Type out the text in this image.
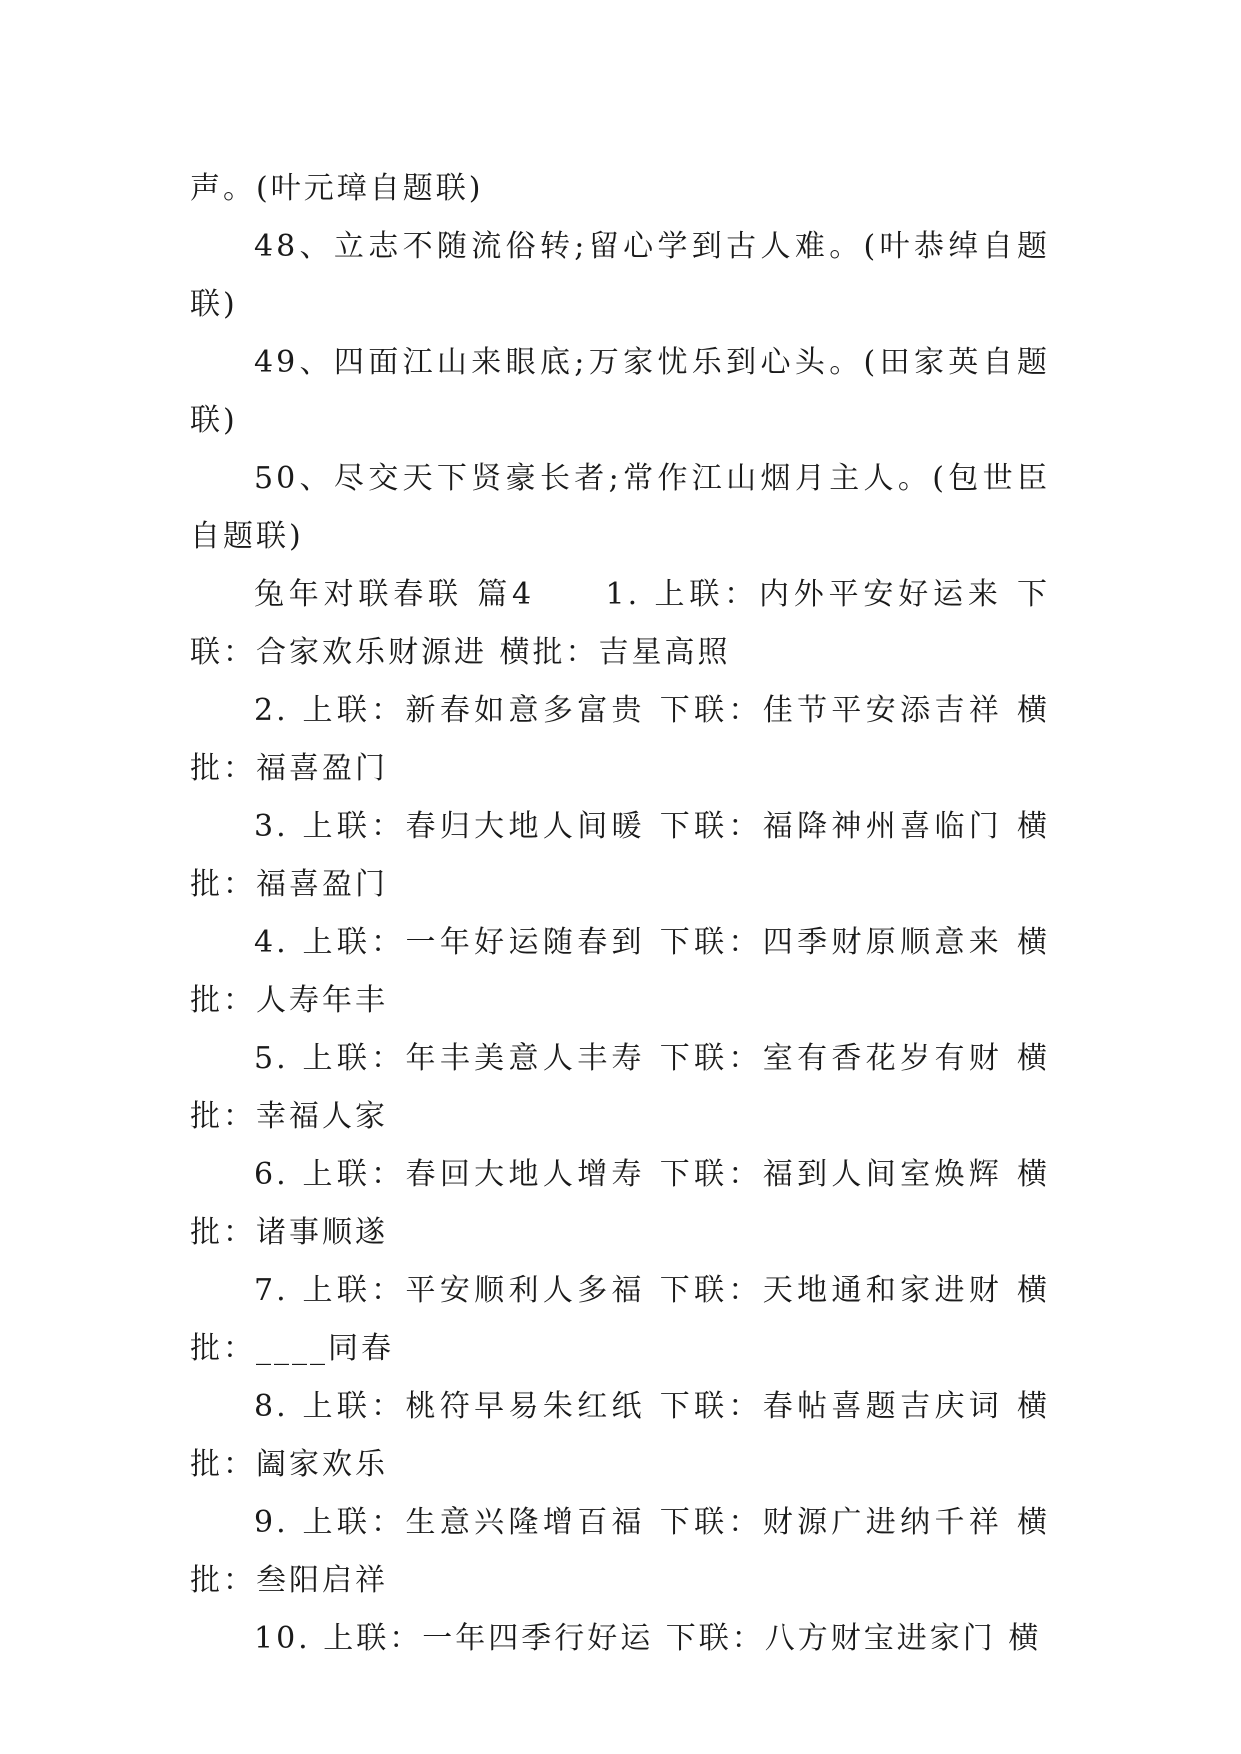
声。(叶元璋自题联)

48、立志不随流俗转;留心学到古人难。(叶恭绰自题联)

49、四面江山来眼底;万家忧乐到心头。(田家英自题联)

50、尽交天下贤豪长者;常作江山烟月主人。(包世臣自题联)

兔年对联春联 篇4　　1. 上联：内外平安好运来 下联：合家欢乐财源进 横批：吉星高照

2. 上联：新春如意多富贵 下联：佳节平安添吉祥 横批：福喜盈门

3. 上联：春归大地人间暖 下联：福降神州喜临门 横批：福喜盈门

4. 上联：一年好运随春到 下联：四季财原顺意来 横批：人寿年丰

5. 上联：年丰美意人丰寿 下联：室有香花岁有财 横批：幸福人家

6. 上联：春回大地人增寿 下联：福到人间室焕辉 横批：诸事顺遂

7. 上联：平安顺利人多福 下联：天地通和家进财 横批：____同春

8. 上联：桃符早易朱红纸 下联：春帖喜题吉庆词 横批：阖家欢乐

9. 上联：生意兴隆增百福 下联：财源广进纳千祥 横批：叁阳启祥

10. 上联：一年四季行好运 下联：八方财宝进家门 横
